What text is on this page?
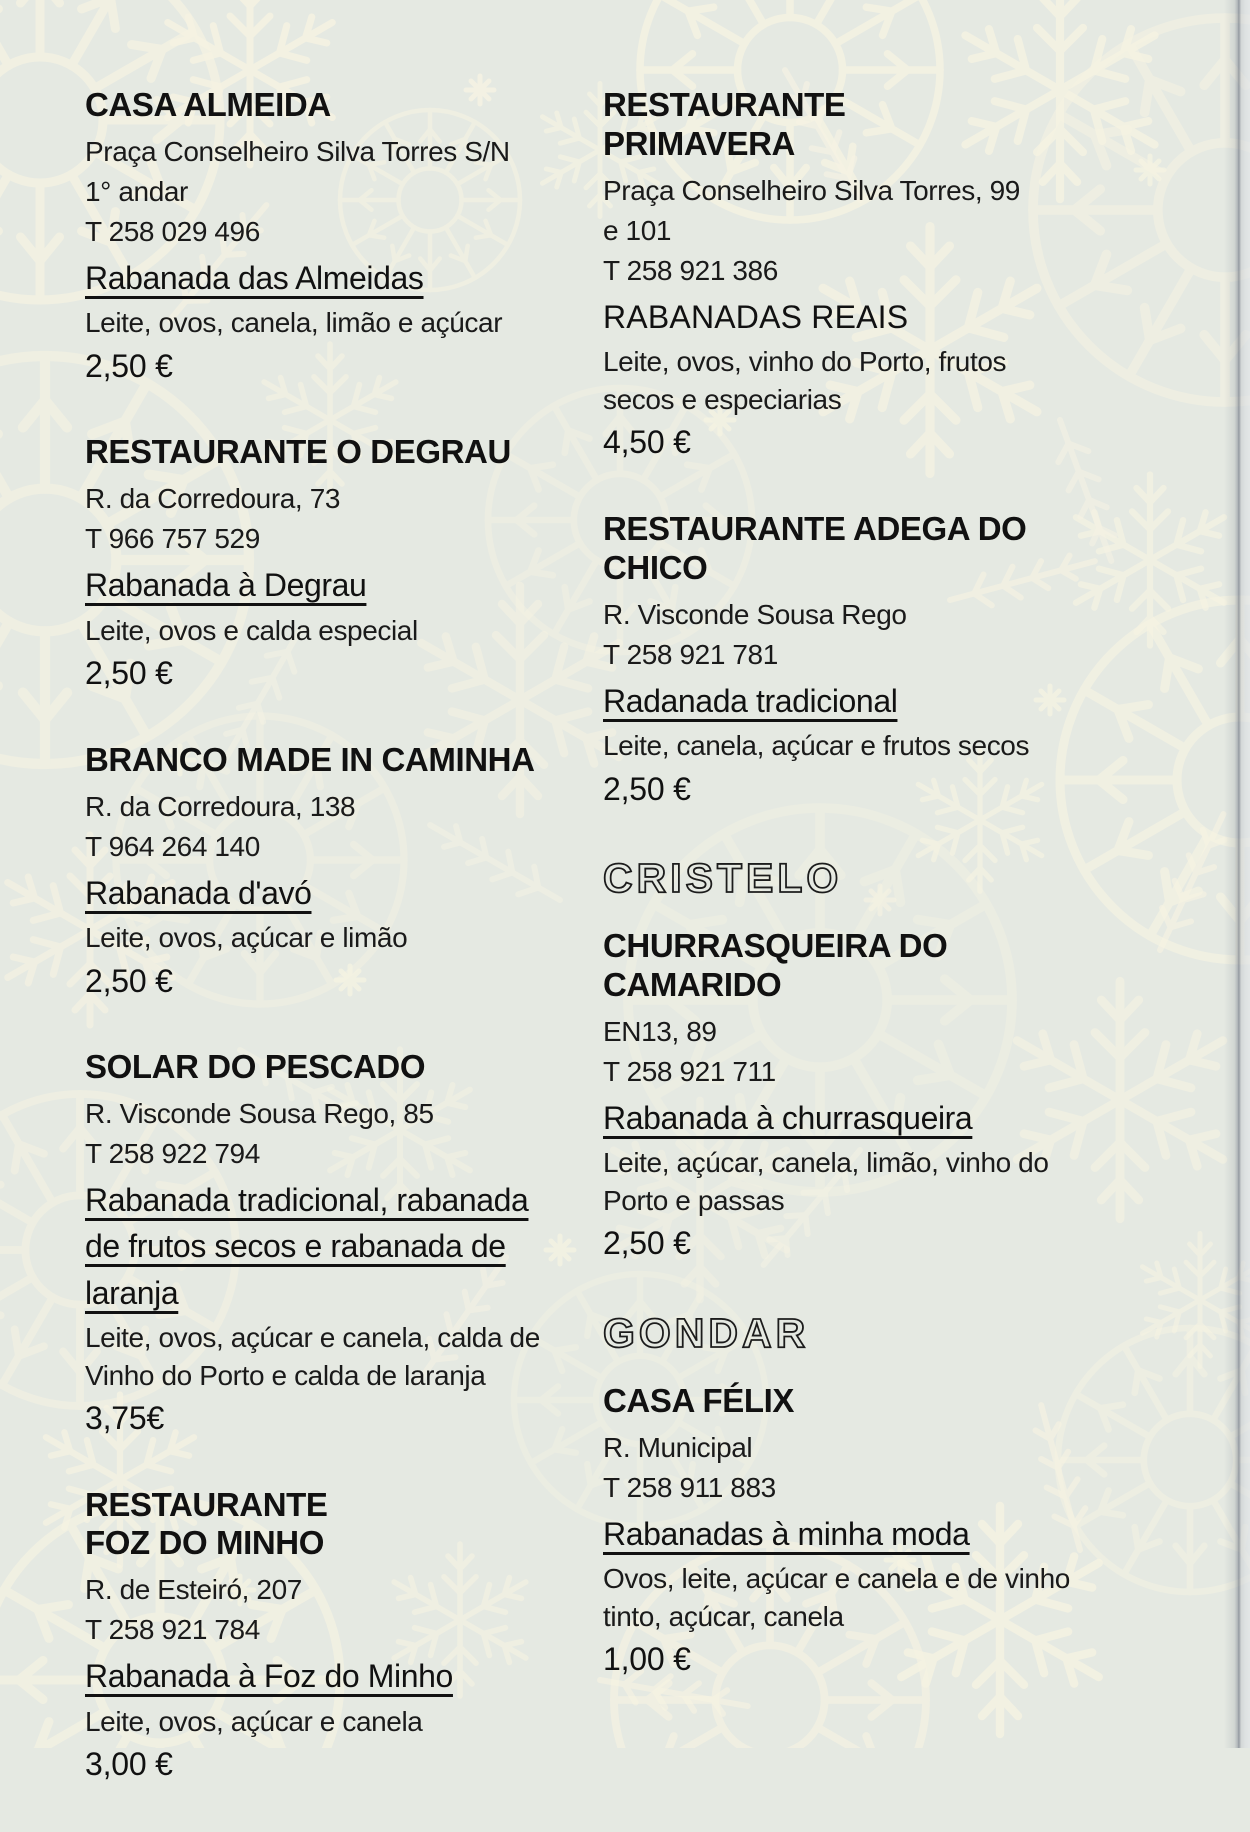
CASA ALMEIDA

Praça Conselheiro Silva Torres S/N

1° andar

T 258 029 496

Rabanada das Almeidas

Leite, ovos, canela, limão e açúcar

2,50 €

RESTAURANTE O DEGRAU

R. da Corredoura, 73

T 966 757 529

Rabanada à Degrau

Leite, ovos e calda especial

2,50 €

BRANCO MADE IN CAMINHA

R. da Corredoura, 138

T 964 264 140

Rabanada d'avó

Leite, ovos, açúcar e limão

2,50 €

SOLAR DO PESCADO

R. Visconde Sousa Rego, 85

T 258 922 794

Rabanada tradicional, rabanada de frutos secos e rabanada de laranja

Leite, ovos, açúcar e canela, calda de Vinho do Porto e calda de laranja

3,75€

RESTAURANTE FOZ DO MINHO

R. de Esteiró, 207

T 258 921 784

Rabanada à Foz do Minho

Leite, ovos, açúcar e canela

3,00 €

RESTAURANTE PRIMAVERA

Praça Conselheiro Silva Torres, 99

e 101

T 258 921 386

RABANADAS REAIS

Leite, ovos, vinho do Porto, frutos secos e especiarias

4,50 €

RESTAURANTE ADEGA DO CHICO

R. Visconde Sousa Rego

T 258 921 781

Radanada tradicional

Leite, canela, açúcar e frutos secos

2,50 €

CRISTELO
CHURRASQUEIRA DO CAMARIDO

EN13, 89

T 258 921 711

Rabanada à churrasqueira

Leite, açúcar, canela, limão, vinho do Porto e passas

2,50 €

GONDAR
CASA FÉLIX

R. Municipal

T 258 911 883

Rabanadas à minha moda

Ovos, leite, açúcar e canela e de vinho tinto, açúcar, canela

1,00 €
